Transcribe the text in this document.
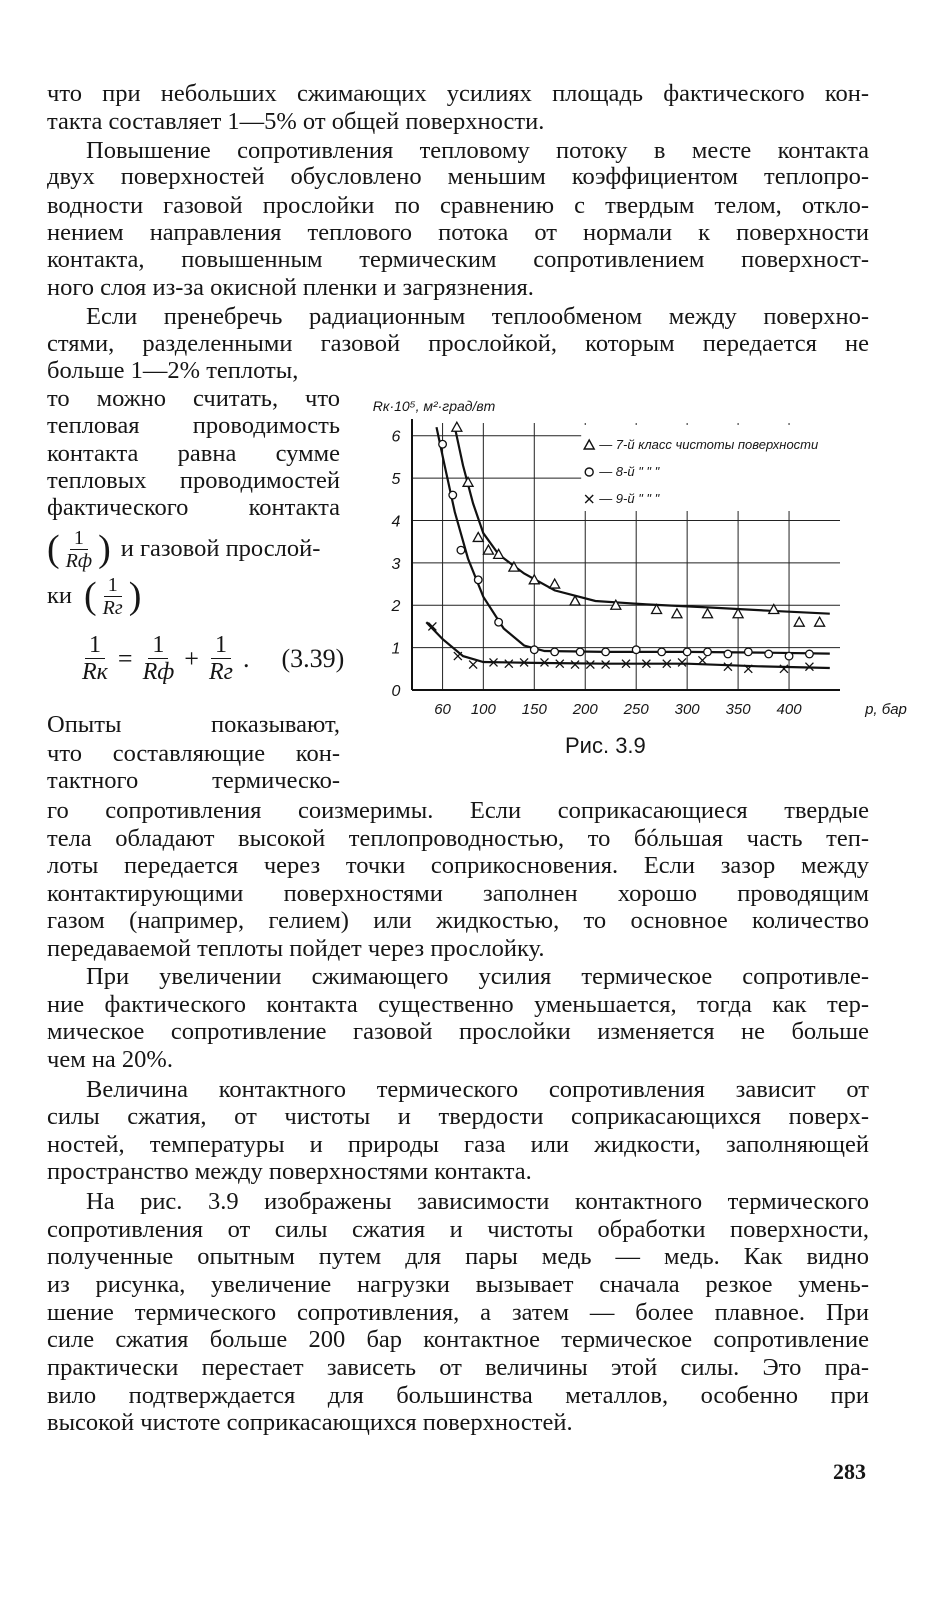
что при небольших сжимающих усилиях площадь фактического кон-
такта составляет 1—5% от общей поверхности.
Повышение сопротивления тепловому потоку в месте контакта
двух поверхностей обусловлено меньшим коэффициентом теплопро-
водности газовой прослойки по сравнению с твердым телом, откло-
нением направления теплового потока от нормали к поверхности
контакта, повышенным термическим сопротивлением поверхност-
ного слоя из-за окисной пленки и загрязнения.
Если пренебречь радиационным теплообменом между поверхно-
стями, разделенными газовой прослойкой, которым передается не
больше 1—2% теплоты,
то можно считать, что
тепловая проводимость
контакта равна сумме
тепловых проводимостей
фактического контакта
( $\frac{1}{Rф}$ ) и газовой прослой-
ки ( $\frac{1}{Rг}$ )
$\frac{1}{Rк} = \frac{1}{Rф} + \frac{1}{Rг}$ . (3.39)
Опыты показывают,
что составляющие кон-
тактного термическо-
го сопротивления соизмеримы. Если соприкасающиеся твердые
тела обладают высокой теплопроводностью, то бóльшая часть теп-
лоты передается через точки соприкосновения. Если зазор между
контактирующими поверхностями заполнен хорошо проводящим
газом (например, гелием) или жидкостью, то основное количество
передаваемой теплоты пойдет через прослойку.
При увеличении сжимающего усилия термическое сопротивле-
ние фактического контакта существенно уменьшается, тогда как тер-
мическое сопротивление газовой прослойки изменяется не больше
чем на 20%.
Величина контактного термического сопротивления зависит от
силы сжатия, от чистоты и твердости соприкасающихся поверх-
ностей, температуры и природы газа или жидкости, заполняющей
пространство между поверхностями контакта.
На рис. 3.9 изображены зависимости контактного термического
сопротивления от силы сжатия и чистоты обработки поверхности,
полученные опытным путем для пары медь — медь. Как видно
из рисунка, увеличение нагрузки вызывает сначала резкое умень-
шение термического сопротивления, а затем — более плавное. При
силе сжатия больше 200 бар контактное термическое сопротивление
практически перестает зависеть от величины этой силы. Это пра-
вило подтверждается для большинства металлов, особенно при
высокой чистоте соприкасающихся поверхностей.
60 100 150 200 250 300 350 400
0
1
2
3
4
5
6
р, бар
Rк·10⁵, м²·град/вт
— 7-й класс чистоты поверхности
— 8-й " " "
— 9-й " " "
Рис. 3.9
283
